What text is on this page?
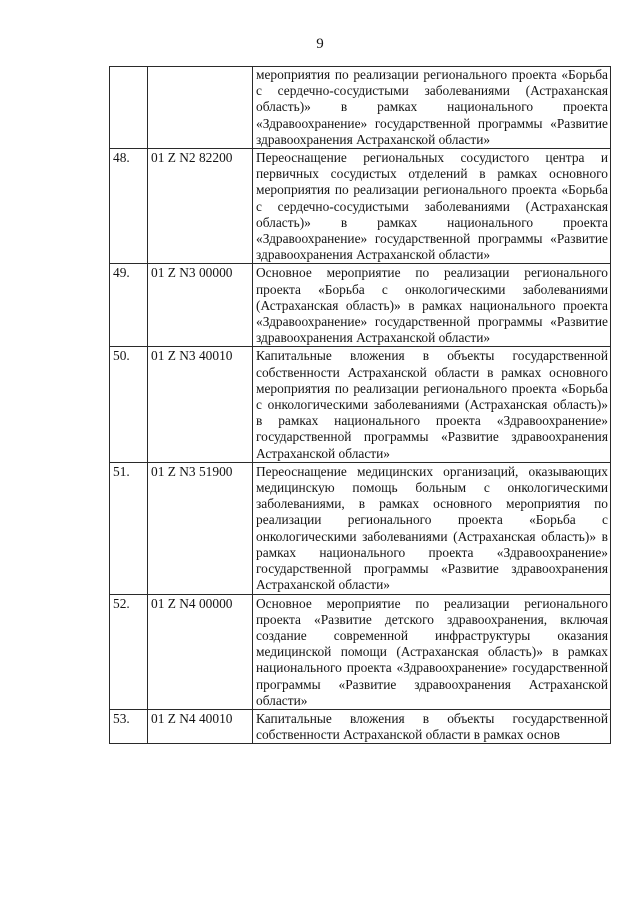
9
		мероприятия по реализации регионального проекта «Борьба с сердечно-сосудистыми заболеваниями (Астраханская область)» в рамках национального проекта «Здравоохранение» государственной программы «Развитие здравоохранения Астраханской области»
48.	01 Z N2 82200	Переоснащение региональных сосудистого центра и первичных сосудистых отделений в рамках основного мероприятия по реализации регионального проекта «Борьба с сердечно-сосудистыми заболеваниями (Астраханская область)» в рамках национального проекта «Здравоохранение» государственной программы «Развитие здравоохранения Астраханской области»
49.	01 Z N3 00000	Основное мероприятие по реализации регионального проекта «Борьба с онкологическими заболеваниями (Астраханская область)» в рамках национального проекта «Здравоохранение» государственной программы «Развитие здравоохранения Астраханской области»
50.	01 Z N3 40010	Капитальные вложения в объекты государственной собственности Астраханской области в рамках основного мероприятия по реализации регионального проекта «Борьба с онкологическими заболеваниями (Астраханская область)» в рамках национального проекта «Здравоохранение» государственной программы «Развитие здравоохранения Астраханской области»
51.	01 Z N3 51900	Переоснащение медицинских организаций, оказывающих медицинскую помощь больным с онкологическими заболеваниями, в рамках основного мероприятия по реализации регионального проекта «Борьба с онкологическими заболеваниями (Астраханская область)» в рамках национального проекта «Здравоохранение» государственной программы «Развитие здравоохранения Астраханской области»
52.	01 Z N4 00000	Основное мероприятие по реализации регионального проекта «Развитие детского здравоохранения, включая создание современной инфраструктуры оказания медицинской помощи (Астраханская область)» в рамках национального проекта «Здравоохранение» государственной программы «Развитие здравоохранения Астраханской области»
53.	01 Z N4 40010	Капитальные вложения в объекты государственной собственности Астраханской области в рамках основ
